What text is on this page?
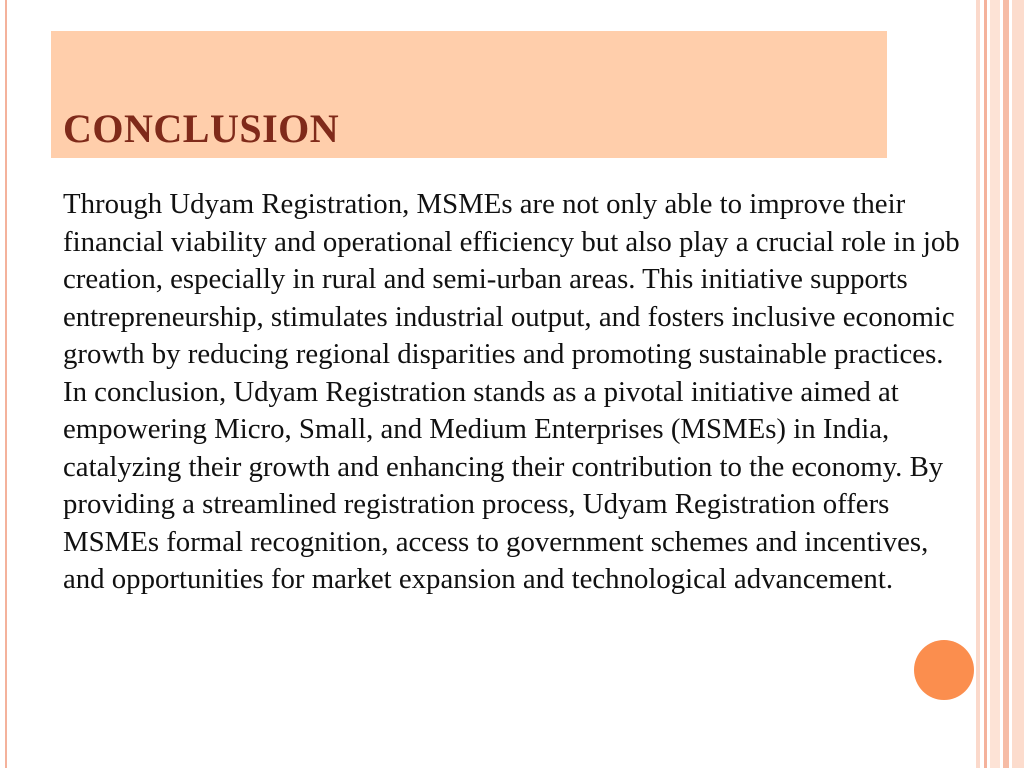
CONCLUSION

Through Udyam Registration, MSMEs are not only able to improve their financial viability and operational efficiency but also play a crucial role in job creation, especially in rural and semi-urban areas. This initiative supports entrepreneurship, stimulates industrial output, and fosters inclusive economic growth by reducing regional disparities and promoting sustainable practices. In conclusion, Udyam Registration stands as a pivotal initiative aimed at empowering Micro, Small, and Medium Enterprises (MSMEs) in India, catalyzing their growth and enhancing their contribution to the economy. By providing a streamlined registration process, Udyam Registration offers MSMEs formal recognition, access to government schemes and incentives, and opportunities for market expansion and technological advancement.
